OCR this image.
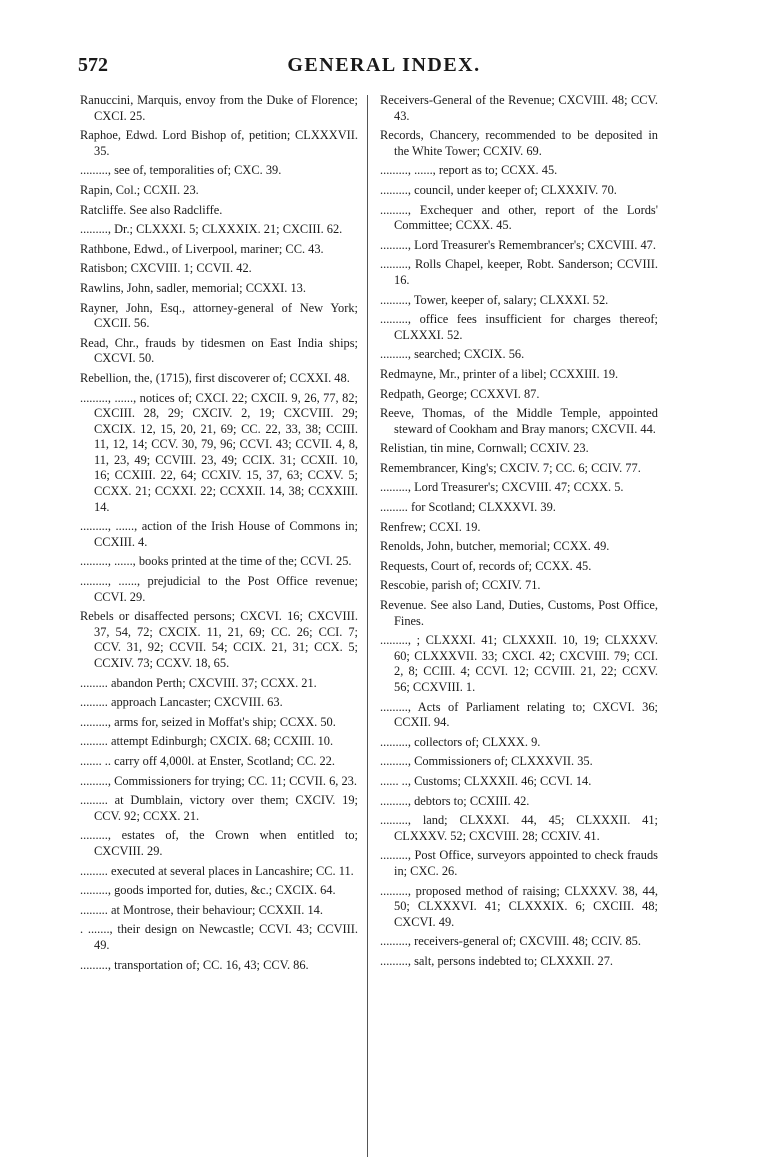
572	GENERAL INDEX.

Ranuccini, Marquis, envoy from the Duke of Florence; CXCI. 25.

Raphoe, Edwd. Lord Bishop of, petition; CLXXXVII. 35.

........., see of, temporalities of; CXC. 39.

Rapin, Col.; CCXII. 23.

Ratcliffe. See also Radcliffe.

........., Dr.; CLXXXI. 5; CLXXXIX. 21; CXCIII. 62.

Rathbone, Edwd., of Liverpool, mariner; CC. 43.

Ratisbon; CXCVIII. 1; CCVII. 42.

Rawlins, John, sadler, memorial; CCXXI. 13.

Rayner, John, Esq., attorney-general of New York; CXCII. 56.

Read, Chr., frauds by tidesmen on East India ships; CXCVI. 50.

Rebellion, the, (1715), first discoverer of; CCXXI. 48.

........., ......, notices of; CXCI. 22; CXCII. 9, 26, 77, 82; CXCIII. 28, 29; CXCIV. 2, 19; CXCVIII. 29; CXCIX. 12, 15, 20, 21, 69; CC. 22, 33, 38; CCIII. 11, 12, 14; CCV. 30, 79, 96; CCVI. 43; CCVII. 4, 8, 11, 23, 49; CCVIII. 23, 49; CCIX. 31; CCXII. 10, 16; CCXIII. 22, 64; CCXIV. 15, 37, 63; CCXV. 5; CCXX. 21; CCXXI. 22; CCXXII. 14, 38; CCXXIII. 14.

........., ......, action of the Irish House of Commons in; CCXIII. 4.

........., ......, books printed at the time of the; CCVI. 25.

........., ......, prejudicial to the Post Office revenue; CCVI. 29.

Rebels or disaffected persons; CXCVI. 16; CXCVIII. 37, 54, 72; CXCIX. 11, 21, 69; CC. 26; CCI. 7; CCV. 31, 92; CCVII. 54; CCIX. 21, 31; CCX. 5; CCXIV. 73; CCXV. 18, 65.

......... abandon Perth; CXCVIII. 37; CCXX. 21.

......... approach Lancaster; CXCVIII. 63.

........., arms for, seized in Moffat's ship; CCXX. 50.

......... attempt Edinburgh; CXCIX. 68; CCXIII. 10.

....... .. carry off 4,000l. at Enster, Scotland; CC. 22.

........., Commissioners for trying; CC. 11; CCVII. 6, 23.

......... at Dumblain, victory over them; CXCIV. 19; CCV. 92; CCXX. 21.

........., estates of, the Crown when entitled to; CXCVIII. 29.

......... executed at several places in Lancashire; CC. 11.

........., goods imported for, duties, &c.; CXCIX. 64.

......... at Montrose, their behaviour; CCXXII. 14.

. ......., their design on Newcastle; CCVI. 43; CCVIII. 49.

........., transportation of; CC. 16, 43; CCV. 86.

Receivers-General of the Revenue; CXCVIII. 48; CCV. 43.

Records, Chancery, recommended to be deposited in the White Tower; CCXIV. 69.

........., ......, report as to; CCXX. 45.

........., council, under keeper of; CLXXXIV. 70.

........., Exchequer and other, report of the Lords' Committee; CCXX. 45.

........., Lord Treasurer's Remembrancer's; CXCVIII. 47.

........., Rolls Chapel, keeper, Robt. Sanderson; CCVIII. 16.

........., Tower, keeper of, salary; CLXXXI. 52.

........., office fees insufficient for charges thereof; CLXXXI. 52.

........., searched; CXCIX. 56.

Redmayne, Mr., printer of a libel; CCXXIII. 19.

Redpath, George; CCXXVI. 87.

Reeve, Thomas, of the Middle Temple, appointed steward of Cookham and Bray manors; CXCVII. 44.

Relistian, tin mine, Cornwall; CCXIV. 23.

Remembrancer, King's; CXCIV. 7; CC. 6; CCIV. 77.

........., Lord Treasurer's; CXCVIII. 47; CCXX. 5.

......... for Scotland; CLXXXVI. 39.

Renfrew; CCXI. 19.

Renolds, John, butcher, memorial; CCXX. 49.

Requests, Court of, records of; CCXX. 45.

Rescobie, parish of; CCXIV. 71.

Revenue. See also Land, Duties, Customs, Post Office, Fines.

........., ; CLXXXI. 41; CLXXXII. 10, 19; CLXXXV. 60; CLXXXVII. 33; CXCI. 42; CXCVIII. 79; CCI. 2, 8; CCIII. 4; CCVI. 12; CCVIII. 21, 22; CCXV. 56; CCXVIII. 1.

........., Acts of Parliament relating to; CXCVI. 36; CCXII. 94.

........., collectors of; CLXXX. 9.

........., Commissioners of; CLXXXVII. 35.

...... .., Customs; CLXXXII. 46; CCVI. 14.

........., debtors to; CCXIII. 42.

........., land; CLXXXI. 44, 45; CLXXXII. 41; CLXXXV. 52; CXCVIII. 28; CCXIV. 41.

........., Post Office, surveyors appointed to check frauds in; CXC. 26.

........., proposed method of raising; CLXXXV. 38, 44, 50; CLXXXVI. 41; CLXXXIX. 6; CXCIII. 48; CXCVI. 49.

........., receivers-general of; CXCVIII. 48; CCIV. 85.

........., salt, persons indebted to; CLXXXII. 27.
